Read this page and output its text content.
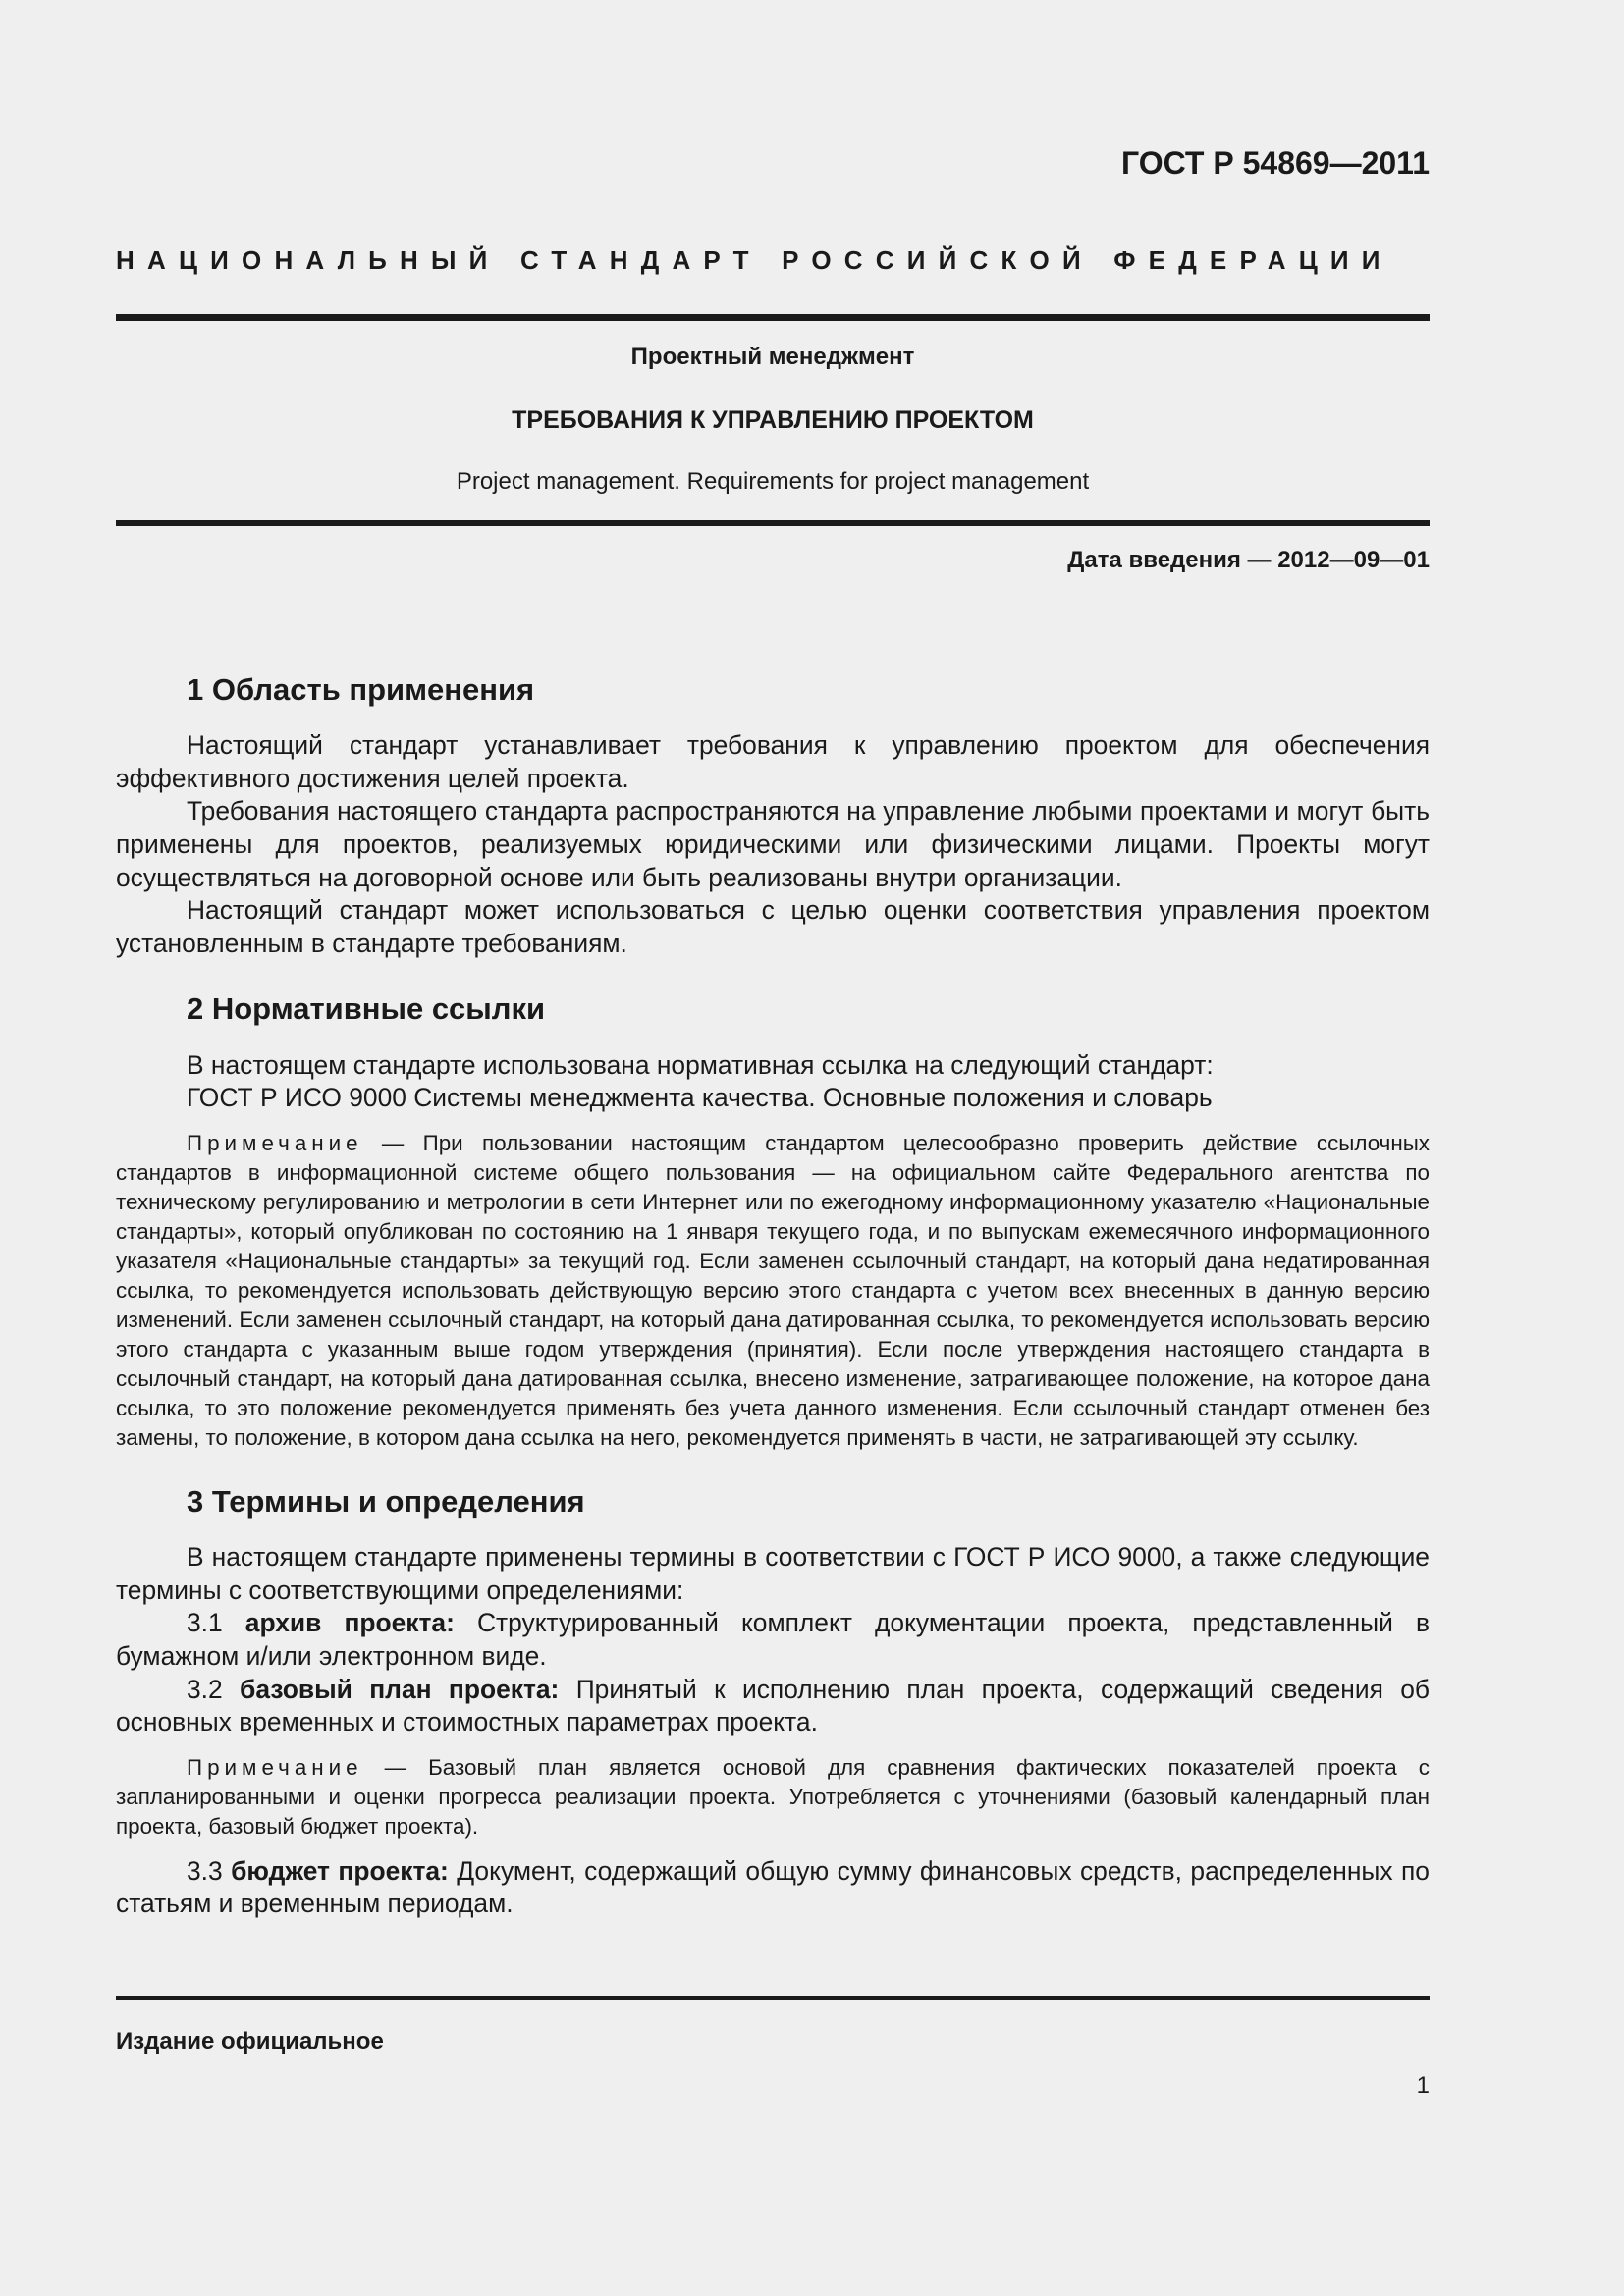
ГОСТ Р 54869—2011

НАЦИОНАЛЬНЫЙ СТАНДАРТ РОССИЙСКОЙ ФЕДЕРАЦИИ

Проектный менеджмент

ТРЕБОВАНИЯ К УПРАВЛЕНИЮ ПРОЕКТОМ

Project management. Requirements for project management

Дата введения — 2012—09—01

1 Область применения

Настоящий стандарт устанавливает требования к управлению проектом для обеспечения эффективного достижения целей проекта.

Требования настоящего стандарта распространяются на управление любыми проектами и могут быть применены для проектов, реализуемых юридическими или физическими лицами. Проекты могут осуществляться на договорной основе или быть реализованы внутри организации.

Настоящий стандарт может использоваться с целью оценки соответствия управления проектом установленным в стандарте требованиям.

2 Нормативные ссылки

В настоящем стандарте использована нормативная ссылка на следующий стандарт:

ГОСТ Р ИСО 9000 Системы менеджмента качества. Основные положения и словарь

Примечание — При пользовании настоящим стандартом целесообразно проверить действие ссылочных стандартов в информационной системе общего пользования — на официальном сайте Федерального агентства по техническому регулированию и метрологии в сети Интернет или по ежегодному информационному указателю «Национальные стандарты», который опубликован по состоянию на 1 января текущего года, и по выпускам ежемесячного информационного указателя «Национальные стандарты» за текущий год. Если заменен ссылочный стандарт, на который дана недатированная ссылка, то рекомендуется использовать действующую версию этого стандарта с учетом всех внесенных в данную версию изменений. Если заменен ссылочный стандарт, на который дана датированная ссылка, то рекомендуется использовать версию этого стандарта с указанным выше годом утверждения (принятия). Если после утверждения настоящего стандарта в ссылочный стандарт, на который дана датированная ссылка, внесено изменение, затрагивающее положение, на которое дана ссылка, то это положение рекомендуется применять без учета данного изменения. Если ссылочный стандарт отменен без замены, то положение, в котором дана ссылка на него, рекомендуется применять в части, не затрагивающей эту ссылку.

3 Термины и определения

В настоящем стандарте применены термины в соответствии с ГОСТ Р ИСО 9000, а также следующие термины с соответствующими определениями:

3.1 архив проекта: Структурированный комплект документации проекта, представленный в бумажном и/или электронном виде.

3.2 базовый план проекта: Принятый к исполнению план проекта, содержащий сведения об основных временных и стоимостных параметрах проекта.

Примечание — Базовый план является основой для сравнения фактических показателей проекта с запланированными и оценки прогресса реализации проекта. Употребляется с уточнениями (базовый календарный план проекта, базовый бюджет проекта).

3.3 бюджет проекта: Документ, содержащий общую сумму финансовых средств, распределенных по статьям и временным периодам.

Издание официальное

1
